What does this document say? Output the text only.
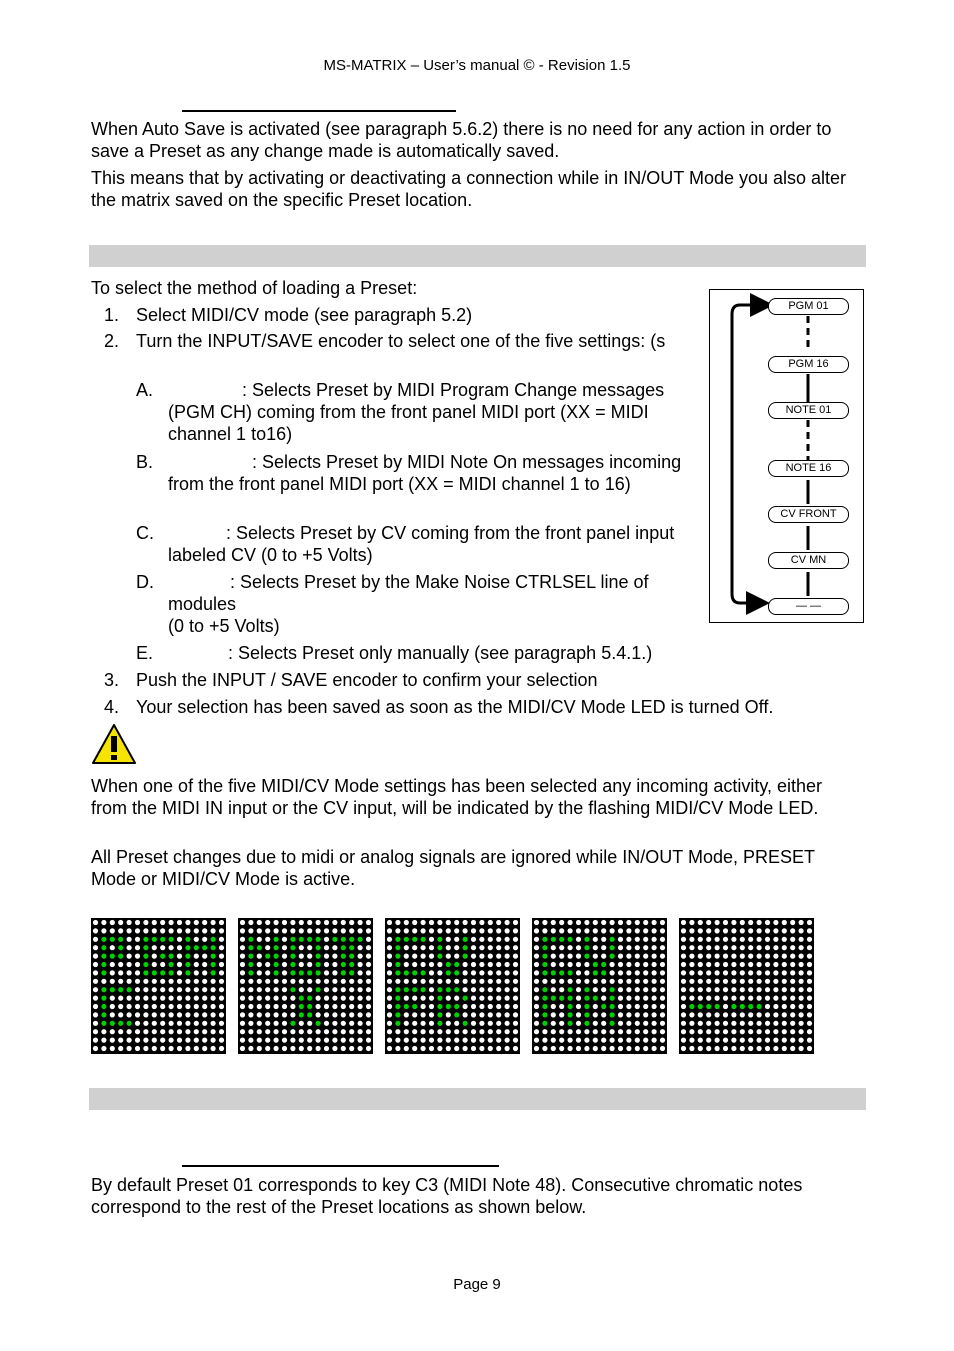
MS-MATRIX – User’s manual © - Revision 1.5
When Auto Save is activated (see paragraph 5.6.2) there is no need for any action in order to save a Preset as any change made is automatically saved.
This means that by activating or deactivating a connection while in IN/OUT Mode you also alter the matrix saved on the specific Preset location.
To select the method of loading a Preset:
1. Select MIDI/CV mode (see paragraph 5.2)
2. Turn the INPUT/SAVE encoder to select one of the five settings: (s
A.	: Selects Preset by MIDI Program Change messages (PGM CH) coming from the front panel MIDI port (XX = MIDI channel 1 to16)
B.	: Selects Preset by MIDI Note On messages incoming from the front panel MIDI port (XX = MIDI channel 1 to 16)
C.	: Selects Preset by CV coming from the front panel input labeled CV (0 to +5 Volts)
D.	: Selects Preset by the Make Noise CTRLSEL line of modules
(0 to +5 Volts)
E.	: Selects Preset only manually (see paragraph 5.4.1.)
3. Push the INPUT / SAVE encoder to confirm your selection
4. Your selection has been saved as soon as the MIDI/CV Mode LED is turned Off.
PGM 01
PGM 16
NOTE 01
NOTE 16
CV FRONT
CV MN
— —
When one of the five MIDI/CV Mode settings has been selected any incoming activity, either from the MIDI IN input or the CV input, will be indicated by the flashing MIDI/CV Mode LED.
All Preset changes due to midi or analog signals are ignored while IN/OUT Mode, PRESET Mode or MIDI/CV Mode is active.
By default Preset 01 corresponds to key C3 (MIDI Note 48). Consecutive chromatic notes correspond to the rest of the Preset locations as shown below.
Page 9
